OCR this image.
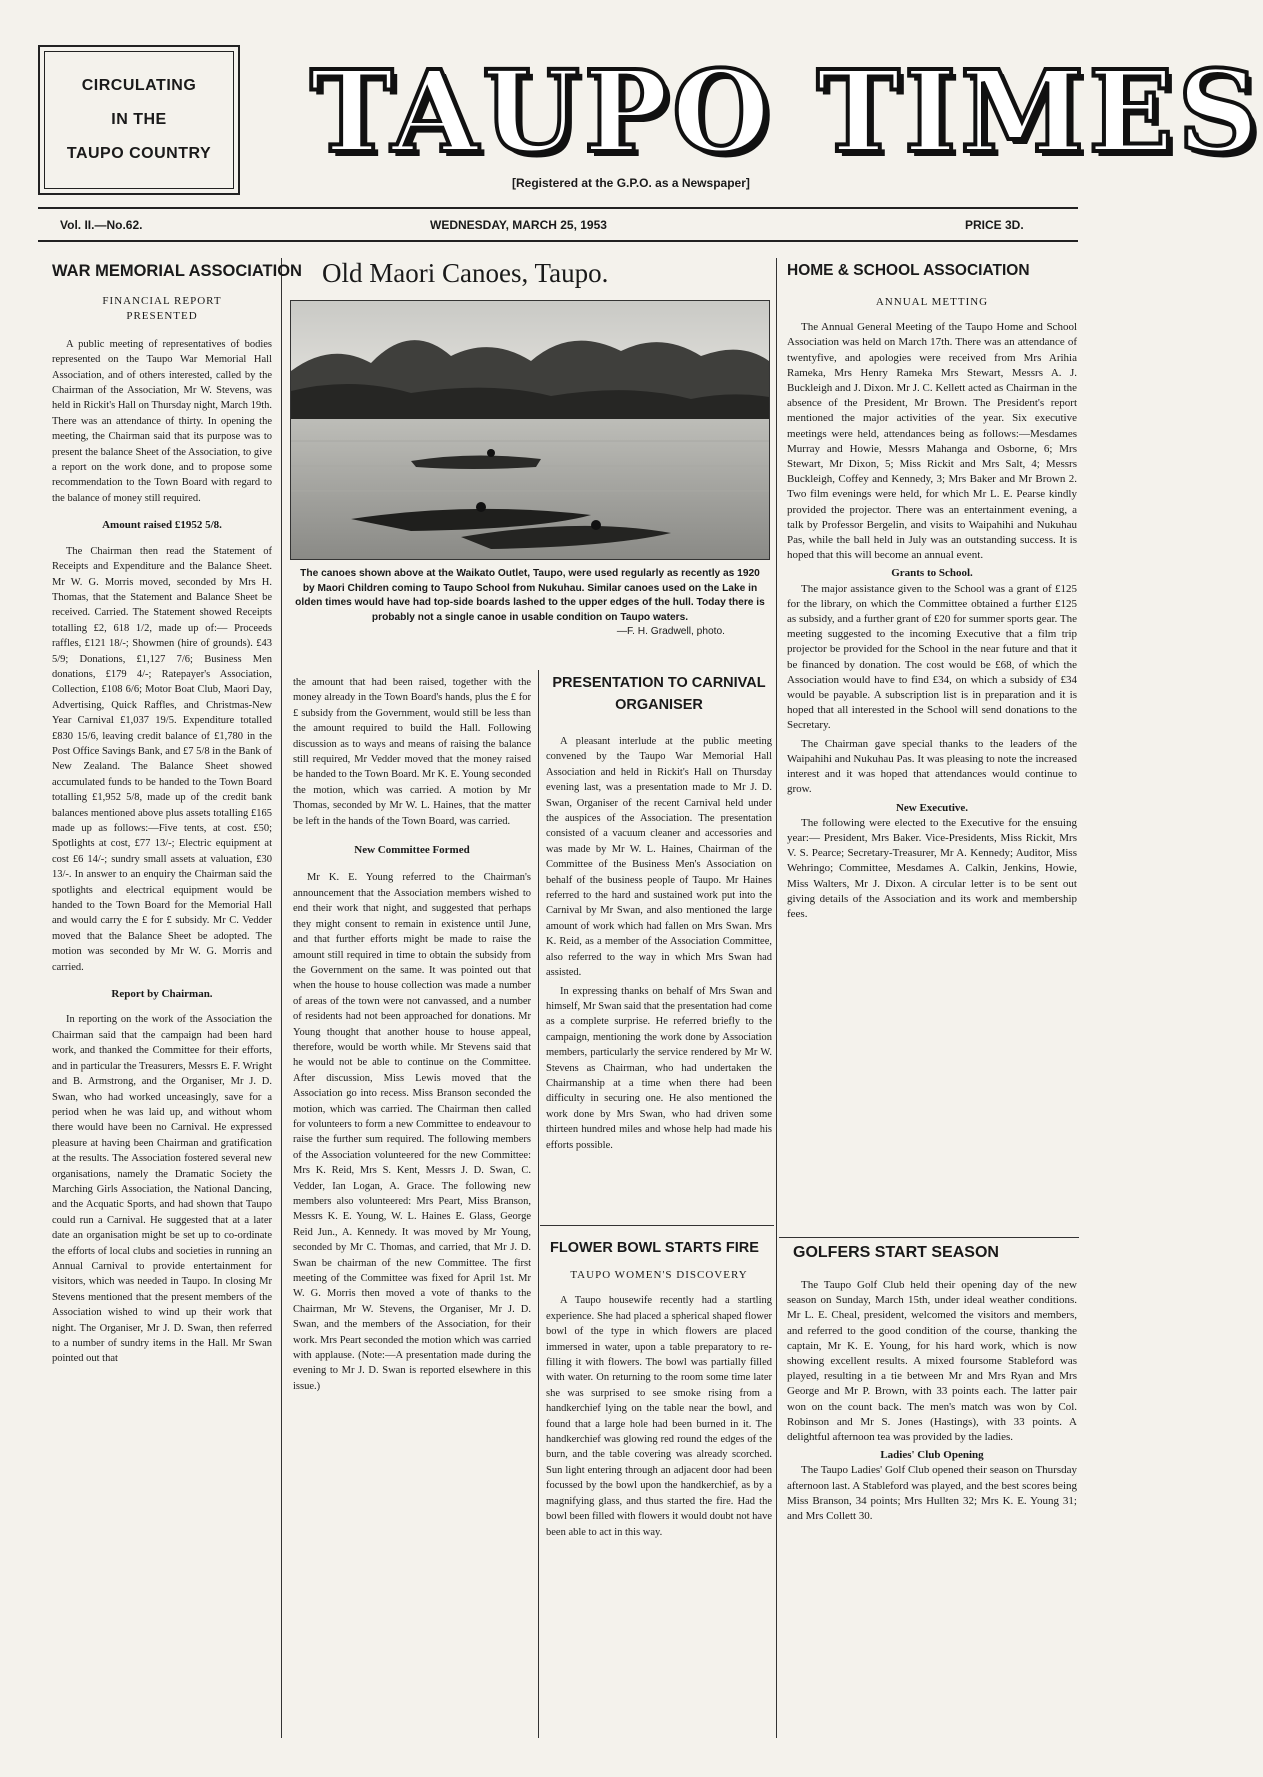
CIRCULATING
IN THE
TAUPO COUNTRY TAUPO TIMES
[Registered at the G.P.O. as a Newspaper]
Vol. II.—No.62.	WEDNESDAY, MARCH 25, 1953	PRICE 3D.
WAR MEMORIAL ASSOCIATION
FINANCIAL REPORT PRESENTED

A public meeting of representatives of bodies represented on the Taupo War Memorial Hall Association, and of others interested, called by the Chairman of the Association, Mr W. Stevens, was held in Rickit's Hall on Thursday night, March 19th. There was an attendance of thirty. In opening the meeting, the Chairman said that its purpose was to present the balance Sheet of the Association, to give a report on the work done, and to propose some recommendation to the Town Board with regard to the balance of money still required.

Amount raised £1952 5/8.

The Chairman then read the Statement of Receipts and Expenditure and the Balance Sheet. Mr W. G. Morris moved, seconded by Mrs H. Thomas, that the Statement and Balance Sheet be received. Carried. The Statement showed Receipts totalling £2, 618 1/2, made up of:— Proceeds raffles, £121 18/-; Showmen (hire of grounds). £43 5/9; Donations, £1,127 7/6; Business Men donations, £179 4/-; Ratepayer's Association, Collection, £108 6/6; Motor Boat Club, Maori Day, Advertising, Quick Raffles, and Christmas-New Year Carnival £1,037 19/5. Expenditure totalled £830 15/6, leaving credit balance of £1,780 in the Post Office Savings Bank, and £7 5/8 in the Bank of New Zealand. The Balance Sheet showed accumulated funds to be handed to the Town Board totalling £1,952 5/8, made up of the credit bank balances mentioned above plus assets totalling £165 made up as follows:—Five tents, at cost. £50; Spotlights at cost, £77 13/-; Electric equipment at cost £6 14/-; sundry small assets at valuation, £30 13/-. In answer to an enquiry the Chairman said the spotlights and electrical equipment would be handed to the Town Board for the Memorial Hall and would carry the £ for £ subsidy. Mr C. Vedder moved that the Balance Sheet be adopted. The motion was seconded by Mr W. G. Morris and carried.

Report by Chairman.

In reporting on the work of the Association the Chairman said that the campaign had been hard work, and thanked the Committee for their efforts, and in particular the Treasurers, Messrs E. F. Wright and B. Armstrong, and the Organiser, Mr J. D. Swan, who had worked unceasingly, save for a period when he was laid up, and without whom there would have been no Carnival. He expressed pleasure at having been Chairman and gratification at the results. The Association fostered several new organisations, namely the Dramatic Society the Marching Girls Association, the National Dancing, and the Acquatic Sports, and had shown that Taupo could run a Carnival. He suggested that at a later date an organisation might be set up to co-ordinate the efforts of local clubs and societies in running an Annual Carnival to provide entertainment for visitors, which was needed in Taupo. In closing Mr Stevens mentioned that the present members of the Association wished to wind up their work that night. The Organiser, Mr J. D. Swan, then referred to a number of sundry items in the Hall. Mr Swan pointed out that

Old Maori Canoes, Taupo.
The canoes shown above at the Waikato Outlet, Taupo, were used regularly as recently as 1920 by Maori Children coming to Taupo School from Nukuhau. Similar canoes used on the Lake in olden times would have had top-side boards lashed to the upper edges of the hull. Today there is probably not a single canoe in usable condition on Taupo waters.
—F. H. Gradwell, photo.

the amount that had been raised, together with the money already in the Town Board's hands, plus the £ for £ subsidy from the Government, would still be less than the amount required to build the Hall. Following discussion as to ways and means of raising the balance still required, Mr Vedder moved that the money raised be handed to the Town Board. Mr K. E. Young seconded the motion, which was carried. A motion by Mr Thomas, seconded by Mr W. L. Haines, that the matter be left in the hands of the Town Board, was carried.

New Committee Formed

Mr K. E. Young referred to the Chairman's announcement that the Association members wished to end their work that night, and suggested that perhaps they might consent to remain in existence until June, and that further efforts might be made to raise the amount still required in time to obtain the subsidy from the Government on the same. It was pointed out that when the house to house collection was made a number of areas of the town were not canvassed, and a number of residents had not been approached for donations. Mr Young thought that another house to house appeal, therefore, would be worth while. Mr Stevens said that he would not be able to continue on the Committee. After discussion, Miss Lewis moved that the Association go into recess. Miss Branson seconded the motion, which was carried. The Chairman then called for volunteers to form a new Committee to endeavour to raise the further sum required. The following members of the Association volunteered for the new Committee: Mrs K. Reid, Mrs S. Kent, Messrs J. D. Swan, C. Vedder, Ian Logan, A. Grace. The following new members also volunteered: Mrs Peart, Miss Branson, Messrs K. E. Young, W. L. Haines E. Glass, George Reid Jun., A. Kennedy. It was moved by Mr Young, seconded by Mr C. Thomas, and carried, that Mr J. D. Swan be chairman of the new Committee. The first meeting of the Committee was fixed for April 1st. Mr W. G. Morris then moved a vote of thanks to the Chairman, Mr W. Stevens, the Organiser, Mr J. D. Swan, and the members of the Association, for their work. Mrs Peart seconded the motion which was carried with applause. (Note:—A presentation made during the evening to Mr J. D. Swan is reported elsewhere in this issue.)

PRESENTATION TO CARNIVAL
ORGANISER

A pleasant interlude at the public meeting convened by the Taupo War Memorial Hall Association and held in Rickit's Hall on Thursday evening last, was a presentation made to Mr J. D. Swan, Organiser of the recent Carnival held under the auspices of the Association. The presentation consisted of a vacuum cleaner and accessories and was made by Mr W. L. Haines, Chairman of the Committee of the Business Men's Association on behalf of the business people of Taupo. Mr Haines referred to the hard and sustained work put into the Carnival by Mr Swan, and also mentioned the large amount of work which had fallen on Mrs Swan. Mrs K. Reid, as a member of the Association Committee, also referred to the way in which Mrs Swan had assisted.

In expressing thanks on behalf of Mrs Swan and himself, Mr Swan said that the presentation had come as a complete surprise. He referred briefly to the campaign, mentioning the work done by Association members, particularly the service rendered by Mr W. Stevens as Chairman, who had undertaken the Chairmanship at a time when there had been difficulty in securing one. He also mentioned the work done by Mrs Swan, who had driven some thirteen hundred miles and whose help had made his efforts possible.

FLOWER BOWL STARTS FIRE
TAUPO WOMEN'S DISCOVERY

A Taupo housewife recently had a startling experience. She had placed a spherical shaped flower bowl of the type in which flowers are placed immersed in water, upon a table preparatory to re-filling it with flowers. The bowl was partially filled with water. On returning to the room some time later she was surprised to see smoke rising from a handkerchief lying on the table near the bowl, and found that a large hole had been burned in it. The handkerchief was glowing red round the edges of the burn, and the table covering was already scorched. Sun light entering through an adjacent door had been focussed by the bowl upon the handkerchief, as by a magnifying glass, and thus started the fire. Had the bowl been filled with flowers it would doubt not have been able to act in this way.

HOME & SCHOOL ASSOCIATION
ANNUAL METTING

The Annual General Meeting of the Taupo Home and School Association was held on March 17th. There was an attendance of twentyfive, and apologies were received from Mrs Arihia Rameka, Mrs Henry Rameka Mrs Stewart, Messrs A. J. Buckleigh and J. Dixon. Mr J. C. Kellett acted as Chairman in the absence of the President, Mr Brown. The President's report mentioned the major activities of the year. Six executive meetings were held, attendances being as follows:—Mesdames Murray and Howie, Messrs Mahanga and Osborne, 6; Mrs Stewart, Mr Dixon, 5; Miss Rickit and Mrs Salt, 4; Messrs Buckleigh, Coffey and Kennedy, 3; Mrs Baker and Mr Brown 2. Two film evenings were held, for which Mr L. E. Pearse kindly provided the projector. There was an entertainment evening, a talk by Professor Bergelin, and visits to Waipahihi and Nukuhau Pas, while the ball held in July was an outstanding success. It is hoped that this will become an annual event.

Grants to School.

The major assistance given to the School was a grant of £125 for the library, on which the Committee obtained a further £125 as subsidy, and a further grant of £20 for summer sports gear. The meeting suggested to the incoming Executive that a film trip projector be provided for the School in the near future and that it be financed by donation. The cost would be £68, of which the Association would have to find £34, on which a subsidy of £34 would be payable. A subscription list is in preparation and it is hoped that all interested in the School will send donations to the Secretary.

The Chairman gave special thanks to the leaders of the Waipahihi and Nukuhau Pas. It was pleasing to note the increased interest and it was hoped that attendances would continue to grow.

New Executive.

The following were elected to the Executive for the ensuing year:— President, Mrs Baker. Vice-Presidents, Miss Rickit, Mrs V. S. Pearce; Secretary-Treasurer, Mr A. Kennedy; Auditor, Miss Wehringo; Committee, Mesdames A. Calkin, Jenkins, Howie, Miss Walters, Mr J. Dixon. A circular letter is to be sent out giving details of the Association and its work and membership fees.

GOLFERS START SEASON

The Taupo Golf Club held their opening day of the new season on Sunday, March 15th, under ideal weather conditions. Mr L. E. Cheal, president, welcomed the visitors and members, and referred to the good condition of the course, thanking the captain, Mr K. E. Young, for his hard work, which is now showing excellent results. A mixed foursome Stableford was played, resulting in a tie between Mr and Mrs Ryan and Mrs George and Mr P. Brown, with 33 points each. The latter pair won on the count back. The men's match was won by Col. Robinson and Mr S. Jones (Hastings), with 33 points. A delightful afternoon tea was provided by the ladies.

Ladies' Club Opening

The Taupo Ladies' Golf Club opened their season on Thursday afternoon last. A Stableford was played, and the best scores being Miss Branson, 34 points; Mrs Hullten 32; Mrs K. E. Young 31; and Mrs Collett 30.
